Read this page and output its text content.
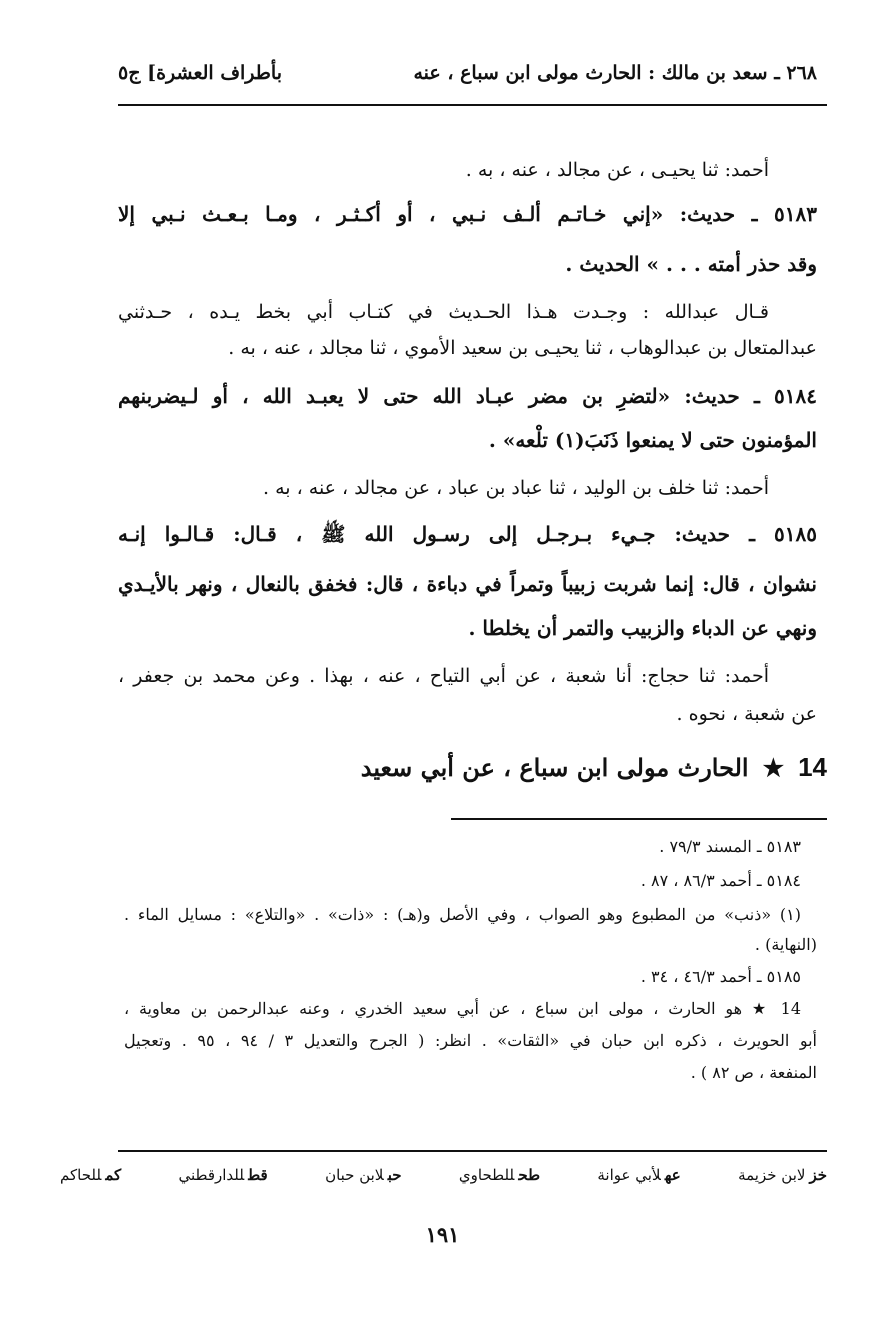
٢٦٨ ـ سعد بن مالك : الحارث مولى ابن سباع ، عنه
بأطراف العشرة] ج٥
أحمد: ثنا يحيـى ، عن مجالد ، عنه ، به .
٥١٨٣ ـ حديث: «إني خـاتـم ألـف نـبي ، أو أكـثـر ، ومـا بـعـث نـبي إلا
وقد حذر أمته . . . » الحديث .
قـال عبدالله : وجـدت هـذا الحـديث في كتـاب أبي بخط يـده ، حـدثني
عبدالمتعال بن عبدالوهاب ، ثنا يحيـى بن سعيد الأموي ، ثنا مجالد ، عنه ، به .
٥١٨٤ ـ حديث: «لتضرِ بن مضر عبـاد الله حتى لا يعبـد الله ، أو لـيضربنهم
المؤمنون حتى لا يمنعوا ذَنَبَ(١) تلْعه» .
أحمد: ثنا خلف بن الوليد ، ثنا عباد بن عباد ، عن مجالد ، عنه ، به .
٥١٨٥ ـ حديث: جـيء بـرجـل إلى رسـول الله ﷺ ، قـال: قـالـوا إنـه
نشوان ، قال: إنما شربت زبيباً وتمراً في دباءة ، قال: فخفق بالنعال ، ونهر بالأيـدي
ونهي عن الدباء والزبيب والتمر أن يخلطا .
أحمد: ثنا حجاج: أنا شعبة ، عن أبي التياح ، عنه ، بهذا . وعن محمد بن جعفر ،
عن شعبة ، نحوه .
14
★
الحارث مولى ابن سباع ، عن أبي سعيد
٥١٨٣ ـ المسند ٧٩/٣ .
٥١٨٤ ـ أحمد ٨٦/٣ ، ٨٧ .
(١) «ذنب» من المطبوع وهو الصواب ، وفي الأصل و(هـ) : «ذات» . «والتلاع» : مسايل الماء .
(النهاية) .
٥١٨٥ ـ أحمد ٤٦/٣ ، ٣٤ .
14 ★ هو الحارث ، مولى ابن سباع ، عن أبي سعيد الخدري ، وعنه عبدالرحمن بن معاوية ،
أبو الحويرث ، ذكره ابن حبان في «الثقات» . انظر: ( الجرح والتعديل ٣ / ٩٤ ، ٩٥ . وتعجيل
المنفعة ، ص ٨٢ ) .
خزلابن خزيمة
عهلأبي عوانة
طحللطحاوي
حبلابن حبان
قطللدارقطني
كمللحاكم
١٩١
